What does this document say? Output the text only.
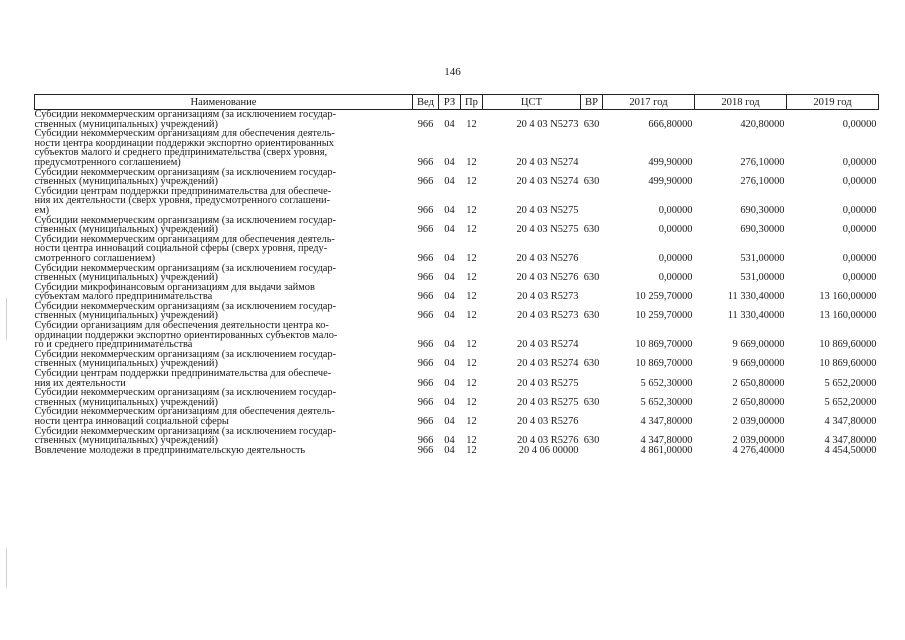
146
Наименование	Вед	РЗ	Пр	ЦСТ	ВР	2017 год	2018 год	2019 год

Субсидии некоммерческим организациям (за исключением государ-
ственных (муниципальных) учреждений)	966	04	12	20 4 03 N5273	630	666,80000	420,80000	0,00000

Субсидии некоммерческим организациям для обеспечения деятель-
ности центра координации поддержки экспортно ориентированных
субъектов малого и среднего предпринимательства (сверх уровня,
предусмотренного соглашением)	966	04	12	20 4 03 N5274		499,90000	276,10000	0,00000

Субсидии некоммерческим организациям (за исключением государ-
ственных (муниципальных) учреждений)	966	04	12	20 4 03 N5274	630	499,90000	276,10000	0,00000

Субсидии центрам поддержки предпринимательства для обеспече-
ния их деятельности (сверх уровня, предусмотренного соглашени-
ем)	966	04	12	20 4 03 N5275		0,00000	690,30000	0,00000

Субсидии некоммерческим организациям (за исключением государ-
ственных (муниципальных) учреждений)	966	04	12	20 4 03 N5275	630	0,00000	690,30000	0,00000

Субсидии некоммерческим организациям для обеспечения деятель-
ности центра инноваций социальной сферы (сверх уровня, преду-
смотренного соглашением)	966	04	12	20 4 03 N5276		0,00000	531,00000	0,00000

Субсидии некоммерческим организациям (за исключением государ-
ственных (муниципальных) учреждений)	966	04	12	20 4 03 N5276	630	0,00000	531,00000	0,00000

Субсидии микрофинансовым организациям для выдачи займов
субъектам малого предпринимательства	966	04	12	20 4 03 R5273		10 259,70000	11 330,40000	13 160,00000

Субсидии некоммерческим организациям (за исключением государ-
ственных (муниципальных) учреждений)	966	04	12	20 4 03 R5273	630	10 259,70000	11 330,40000	13 160,00000

Субсидии организациям для обеспечения деятельности центра ко-
ординации поддержки экспортно ориентированных субъектов мало-
го и среднего предпринимательства	966	04	12	20 4 03 R5274		10 869,70000	9 669,00000	10 869,60000

Субсидии некоммерческим организациям (за исключением государ-
ственных (муниципальных) учреждений)	966	04	12	20 4 03 R5274	630	10 869,70000	9 669,00000	10 869,60000

Субсидии центрам поддержки предпринимательства для обеспече-
ния их деятельности	966	04	12	20 4 03 R5275		5 652,30000	2 650,80000	5 652,20000

Субсидии некоммерческим организациям (за исключением государ-
ственных (муниципальных) учреждений)	966	04	12	20 4 03 R5275	630	5 652,30000	2 650,80000	5 652,20000

Субсидии некоммерческим организациям для обеспечения деятель-
ности центра инноваций социальной сферы	966	04	12	20 4 03 R5276		4 347,80000	2 039,00000	4 347,80000

Субсидии некоммерческим организациям (за исключением государ-
ственных (муниципальных) учреждений)	966	04	12	20 4 03 R5276	630	4 347,80000	2 039,00000	4 347,80000

Вовлечение молодежи в предпринимательскую деятельность	966	04	12	20 4 06 00000		4 861,00000	4 276,40000	4 454,50000
